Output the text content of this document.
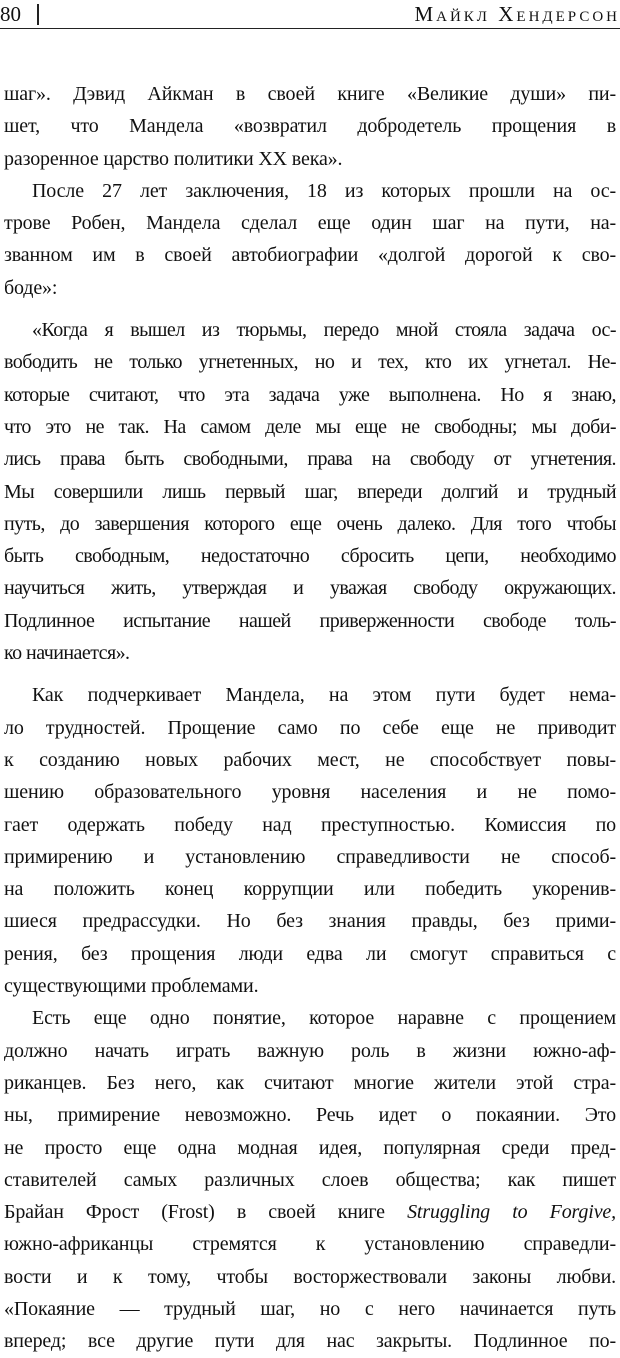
80	Майкл Хендерсон
шаг». Дэвид Айкман в своей книге «Великие души» пи-
шет, что Мандела «возвратил добродетель прощения в
разоренное царство политики XX века».
После 27 лет заключения, 18 из которых прошли на ос-
трове Робен, Мандела сделал еще один шаг на пути, на-
званном им в своей автобиографии «долгой дорогой к сво-
боде»:
«Когда я вышел из тюрьмы, передо мной стояла задача ос-
вободить не только угнетенных, но и тех, кто их угнетал. Не-
которые считают, что эта задача уже выполнена. Но я знаю,
что это не так. На самом деле мы еще не свободны; мы доби-
лись права быть свободными, права на свободу от угнетения.
Мы совершили лишь первый шаг, впереди долгий и трудный
путь, до завершения которого еще очень далеко. Для того чтобы
быть свободным, недостаточно сбросить цепи, необходимо
научиться жить, утверждая и уважая свободу окружающих.
Подлинное испытание нашей приверженности свободе толь-
ко начинается».
Как подчеркивает Мандела, на этом пути будет нема-
ло трудностей. Прощение само по себе еще не приводит
к созданию новых рабочих мест, не способствует повы-
шению образовательного уровня населения и не помо-
гает одержать победу над преступностью. Комиссия по
примирению и установлению справедливости не способ-
на положить конец коррупции или победить укоренив-
шиеся предрассудки. Но без знания правды, без прими-
рения, без прощения люди едва ли смогут справиться с
существующими проблемами.
Есть еще одно понятие, которое наравне с прощением
должно начать играть важную роль в жизни южно-аф-
риканцев. Без него, как считают многие жители этой стра-
ны, примирение невозможно. Речь идет о покаянии. Это
не просто еще одна модная идея, популярная среди пред-
ставителей самых различных слоев общества; как пишет
Брайан Фрост (Frost) в своей книге Struggling to Forgive,
южно-африканцы стремятся к установлению справедли-
вости и к тому, чтобы восторжествовали законы любви.
«Покаяние — трудный шаг, но с него начинается путь
вперед; все другие пути для нас закрыты. Подлинное по-
